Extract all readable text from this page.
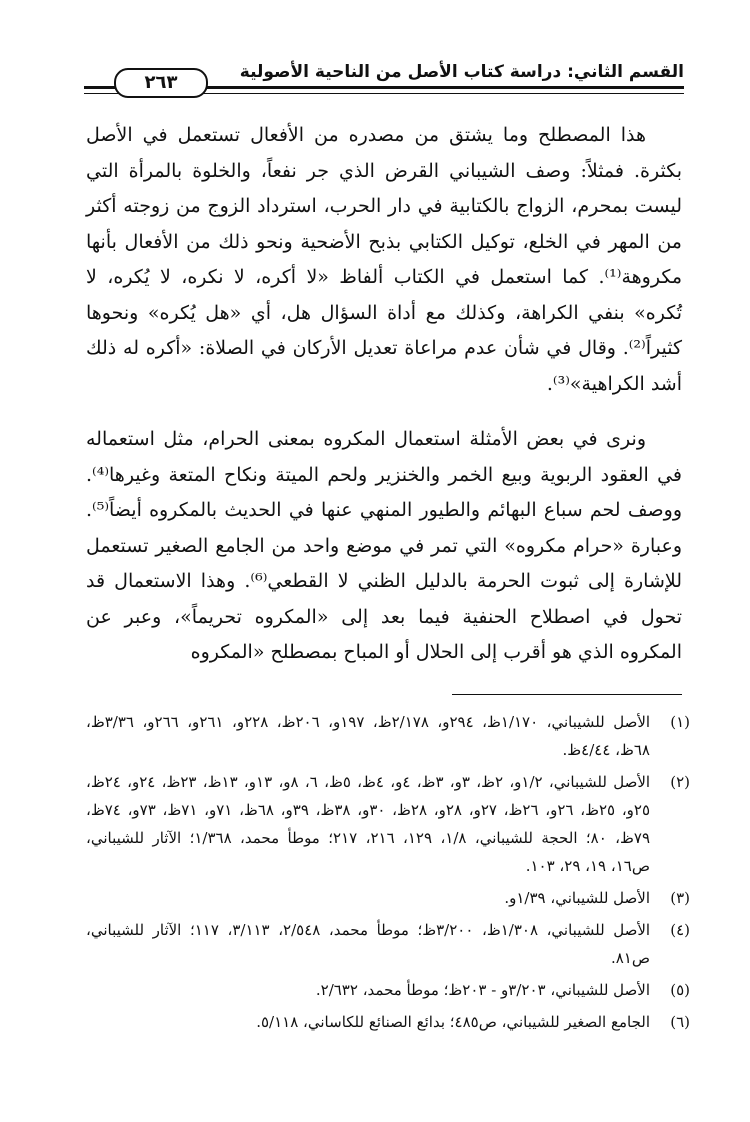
القسم الثاني: دراسة كتاب الأصل من الناحية الأصولية
٢٦٣

هذا المصطلح وما يشتق من مصدره من الأفعال تستعمل في الأصل بكثرة. فمثلاً: وصف الشيباني القرض الذي جر نفعاً، والخلوة بالمرأة التي ليست بمحرم، الزواج بالكتابية في دار الحرب، استرداد الزوج من زوجته أكثر من المهر في الخلع، توكيل الكتابي بذبح الأضحية ونحو ذلك من الأفعال بأنها مكروهة⁽¹⁾. كما استعمل في الكتاب ألفاظ «لا أكره، لا نكره، لا يُكره، لا تُكره» بنفي الكراهة، وكذلك مع أداة السؤال هل، أي «هل يُكره» ونحوها كثيراً⁽²⁾. وقال في شأن عدم مراعاة تعديل الأركان في الصلاة: «أكره له ذلك أشد الكراهية»⁽³⁾.

ونرى في بعض الأمثلة استعمال المكروه بمعنى الحرام، مثل استعماله في العقود الربوية وبيع الخمر والخنزير ولحم الميتة ونكاح المتعة وغيرها⁽⁴⁾. ووصف لحم سباع البهائم والطيور المنهي عنها في الحديث بالمكروه أيضاً⁽⁵⁾. وعبارة «حرام مكروه» التي تمر في موضع واحد من الجامع الصغير تستعمل للإشارة إلى ثبوت الحرمة بالدليل الظني لا القطعي⁽⁶⁾. وهذا الاستعمال قد تحول في اصطلاح الحنفية فيما بعد إلى «المكروه تحريماً»، وعبر عن المكروه الذي هو أقرب إلى الحلال أو المباح بمصطلح «المكروه

(١)
الأصل للشيباني، ١/١٧٠ظ، ٢٩٤و، ٢/١٧٨ظ، ١٩٧و، ٢٠٦ظ، ٢٢٨و، ٢٦١و، ٢٦٦و، ٣/٣٦ظ، ٦٨ظ، ٤/٤٤ظ.
(٢)
الأصل للشيباني، ١/٢و، ٢ظ، ٣و، ٣ظ، ٤و، ٤ظ، ٥ظ، ٦، ٨و، ١٣و، ١٣ظ، ٢٣ظ، ٢٤و، ٢٤ظ، ٢٥و، ٢٥ظ، ٢٦و، ٢٦ظ، ٢٧و، ٢٨و، ٢٨ظ، ٣٠و، ٣٨ظ، ٣٩و، ٦٨ظ، ٧١و، ٧١ظ، ٧٣و، ٧٤ظ، ٧٩ظ، ٨٠؛ الحجة للشيباني، ١/٨، ١٢٩، ٢١٦، ٢١٧؛ موطأ محمد، ١/٣٦٨؛ الآثار للشيباني، ص١٦، ١٩، ٢٩، ١٠٣.
(٣)
الأصل للشيباني، ١/٣٩و.
(٤)
الأصل للشيباني، ١/٣٠٨ظ، ٣/٢٠٠ظ؛ موطأ محمد، ٢/٥٤٨، ٣/١١٣، ١١٧؛ الآثار للشيباني، ص٨١.
(٥)
الأصل للشيباني، ٣/٢٠٣و - ٢٠٣ظ؛ موطأ محمد، ٢/٦٣٢.
(٦)
الجامع الصغير للشيباني، ص٤٨٥؛ بدائع الصنائع للكاساني، ٥/١١٨.
